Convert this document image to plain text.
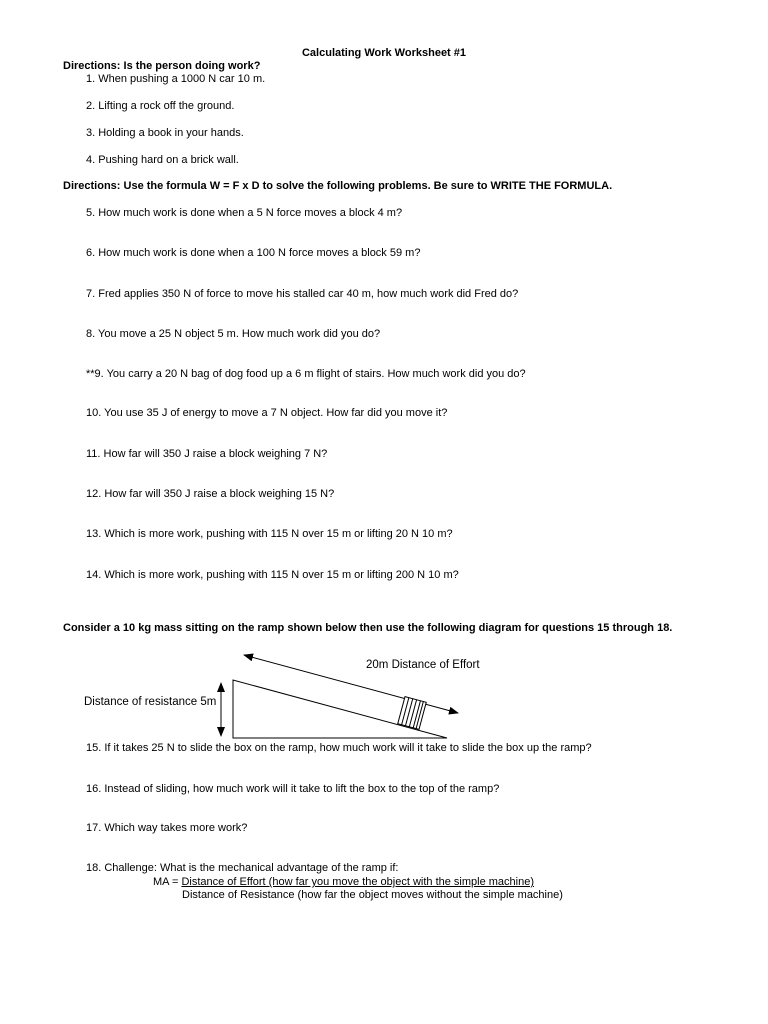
Calculating Work Worksheet #1
Directions: Is the person doing work?
1. When pushing a 1000 N car 10 m.
2. Lifting a rock off the ground.
3. Holding a book in your hands.
4. Pushing hard on a brick wall.
Directions: Use the formula W = F x D to solve the following problems. Be sure to WRITE THE FORMULA.
5. How much work is done when a 5 N force moves a block 4 m?
6. How much work is done when a 100 N force moves a block 59 m?
7. Fred applies 350 N of force to move his stalled car 40 m, how much work did Fred do?
8. You move a 25 N object 5 m. How much work did you do?
**9. You carry a 20 N bag of dog food up a 6 m flight of stairs. How much work did you do?
10. You use 35 J of energy to move a 7 N object. How far did you move it?
11. How far will 350 J raise a block weighing 7 N?
12. How far will 350 J raise a block weighing 15 N?
13. Which is more work, pushing with 115 N over 15 m or lifting 20 N 10 m?
14. Which is more work, pushing with 115 N over 15 m or lifting 200 N 10 m?
Consider a 10 kg mass sitting on the ramp shown below then use the following diagram for questions 15 through 18.
20m Distance of Effort
Distance of resistance 5m
15. If it takes 25 N to slide the box on the ramp, how much work will it take to slide the box up the ramp?
16. Instead of sliding, how much work will it take to lift the box to the top of the ramp?
17. Which way takes more work?
18. Challenge: What is the mechanical advantage of the ramp if:
MA = Distance of Effort (how far you move the object with the simple machine)
Distance of Resistance (how far the object moves without the simple machine)
